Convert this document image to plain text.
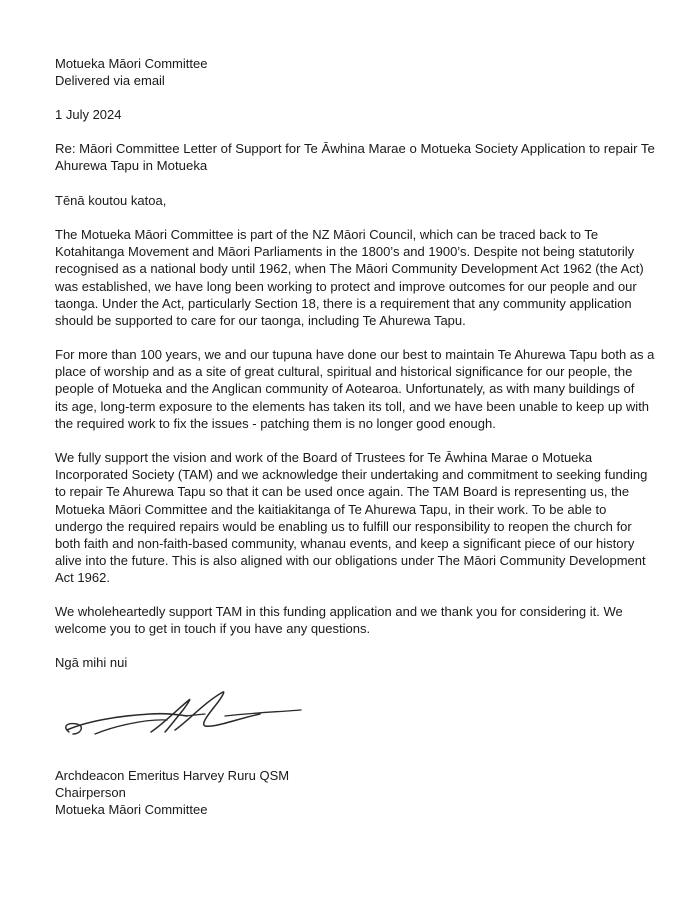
Motueka Māori Committee
Delivered via email
1 July 2024
Re: Māori Committee Letter of Support for Te Āwhina Marae o Motueka Society Application to repair Te
Ahurewa Tapu in Motueka
Tēnā koutou katoa,
The Motueka Māori Committee is part of the NZ Māori Council, which can be traced back to Te
Kotahitanga Movement and Māori Parliaments in the 1800’s and 1900’s. Despite not being statutorily
recognised as a national body until 1962, when The Māori Community Development Act 1962 (the Act)
was established, we have long been working to protect and improve outcomes for our people and our
taonga. Under the Act, particularly Section 18, there is a requirement that any community application
should be supported to care for our taonga, including Te Ahurewa Tapu.
For more than 100 years, we and our tupuna have done our best to maintain Te Ahurewa Tapu both as a
place of worship and as a site of great cultural, spiritual and historical significance for our people, the
people of Motueka and the Anglican community of Aotearoa. Unfortunately, as with many buildings of
its age, long-term exposure to the elements has taken its toll, and we have been unable to keep up with
the required work to fix the issues - patching them is no longer good enough.
We fully support the vision and work of the Board of Trustees for Te Āwhina Marae o Motueka
Incorporated Society (TAM) and we acknowledge their undertaking and commitment to seeking funding
to repair Te Ahurewa Tapu so that it can be used once again. The TAM Board is representing us, the
Motueka Māori Committee and the kaitiakitanga of Te Ahurewa Tapu, in their work. To be able to
undergo the required repairs would be enabling us to fulfill our responsibility to reopen the church for
both faith and non-faith-based community, whanau events, and keep a significant piece of our history
alive into the future. This is also aligned with our obligations under The Māori Community Development
Act 1962.
We wholeheartedly support TAM in this funding application and we thank you for considering it. We
welcome you to get in touch if you have any questions.
Ngā mihi nui
Archdeacon Emeritus Harvey Ruru QSM
Chairperson
Motueka Māori Committee
